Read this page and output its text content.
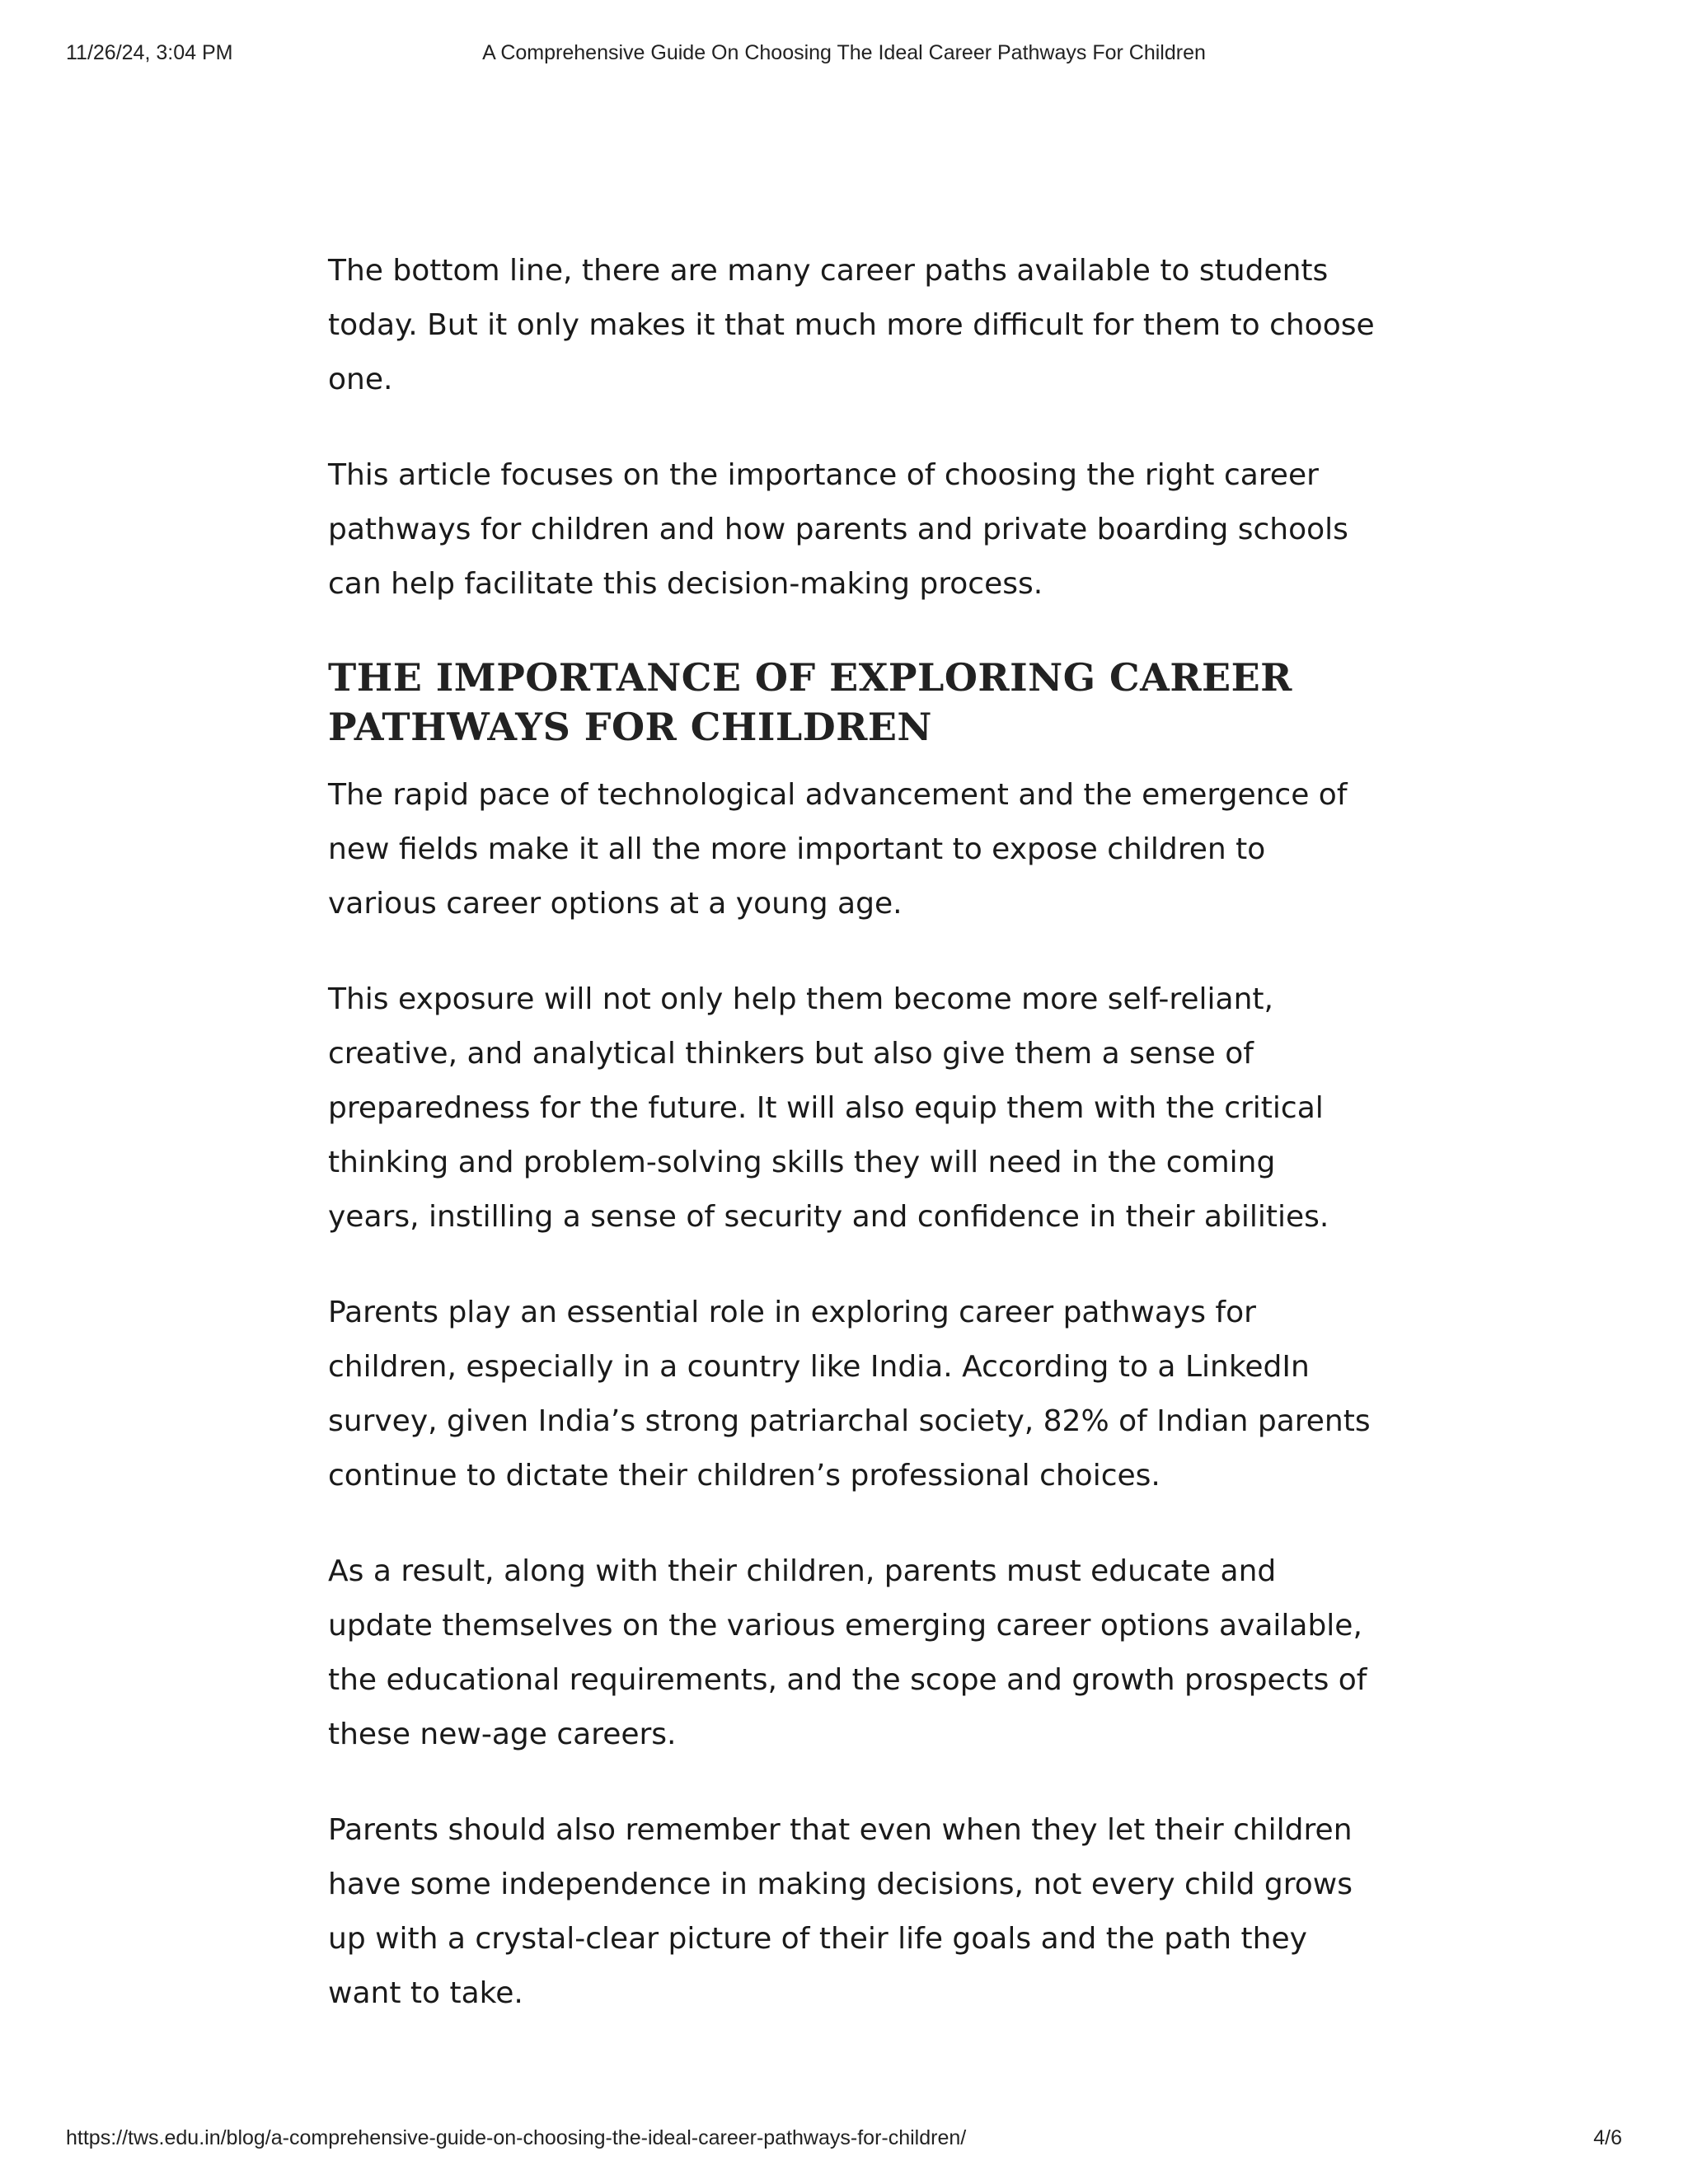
11/26/24, 3:04 PM	A Comprehensive Guide On Choosing The Ideal Career Pathways For Children

The bottom line, there are many career paths available to students today. But it only makes it that much more difficult for them to choose one.

This article focuses on the importance of choosing the right career pathways for children and how parents and private boarding schools can help facilitate this decision-making process.

THE IMPORTANCE OF EXPLORING CAREER PATHWAYS FOR CHILDREN

The rapid pace of technological advancement and the emergence of new fields make it all the more important to expose children to various career options at a young age.

This exposure will not only help them become more self-reliant, creative, and analytical thinkers but also give them a sense of preparedness for the future. It will also equip them with the critical thinking and problem-solving skills they will need in the coming years, instilling a sense of security and confidence in their abilities.

Parents play an essential role in exploring career pathways for children, especially in a country like India. According to a LinkedIn survey, given India’s strong patriarchal society, 82% of Indian parents continue to dictate their children’s professional choices.

As a result, along with their children, parents must educate and update themselves on the various emerging career options available, the educational requirements, and the scope and growth prospects of these new-age careers.

Parents should also remember that even when they let their children have some independence in making decisions, not every child grows up with a crystal-clear picture of their life goals and the path they want to take.

https://tws.edu.in/blog/a-comprehensive-guide-on-choosing-the-ideal-career-pathways-for-children/	4/6
